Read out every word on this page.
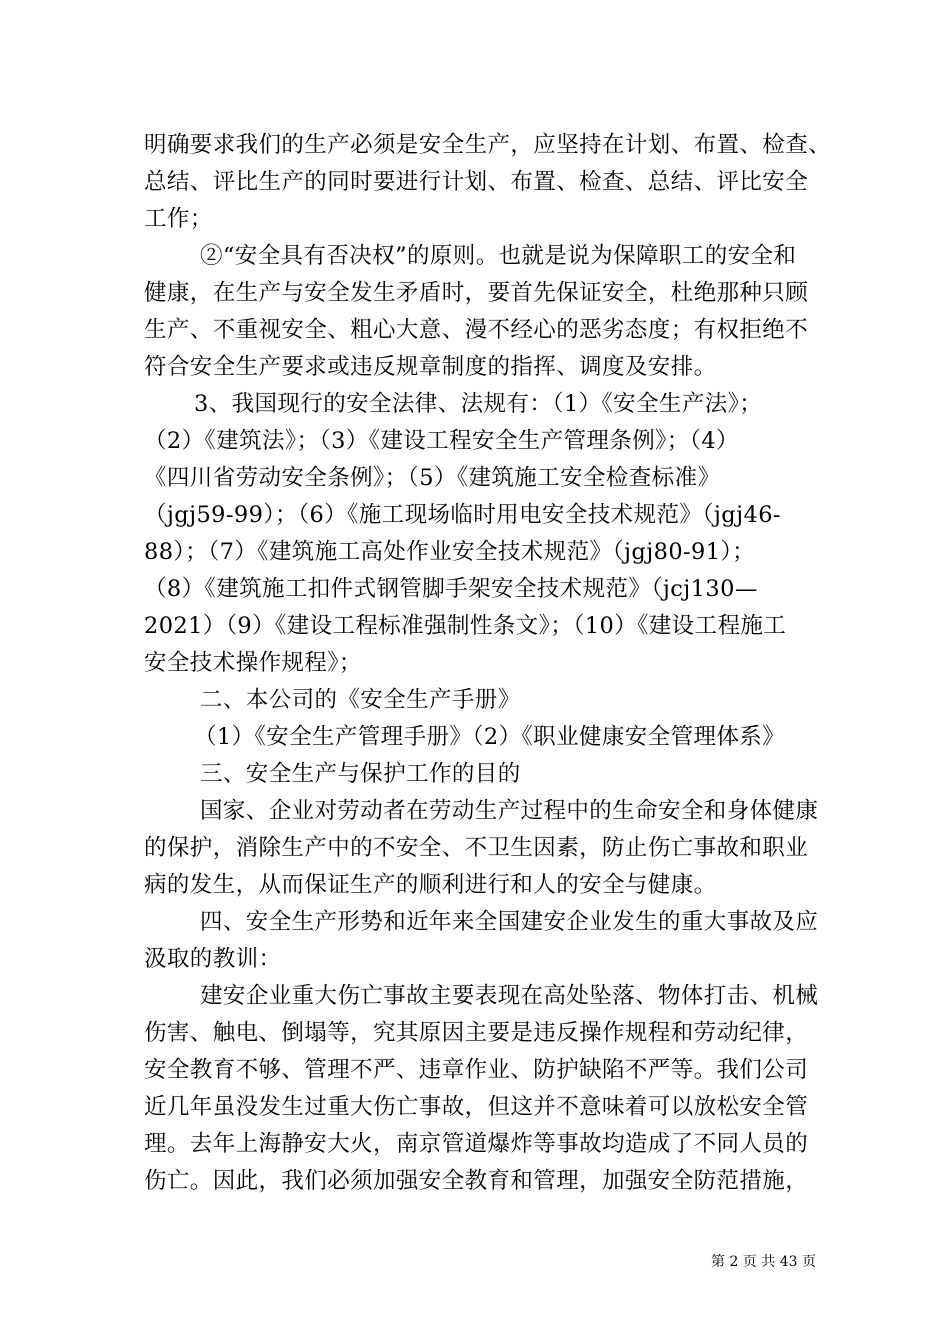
明确要求我们的生产必须是安全生产，应坚持在计划、布置、检查、
总结、评比生产的同时要进行计划、布置、检查、总结、评比安全
工作；
②“安全具有否决权”的原则。也就是说为保障职工的安全和
健康，在生产与安全发生矛盾时，要首先保证安全，杜绝那种只顾
生产、不重视安全、粗心大意、漫不经心的恶劣态度；有权拒绝不
符合安全生产要求或违反规章制度的指挥、调度及安排。
3、我国现行的安全法律、法规有：（1）《安全生产法》；
（2）《建筑法》；（3）《建设工程安全生产管理条例》；（4）
《四川省劳动安全条例》；（5）《建筑施工安全检查标准》
（jgj59-99）；（6）《施工现场临时用电安全技术规范》（jgj46-
88）；（7）《建筑施工高处作业安全技术规范》（jgj80-91）；
（8）《建筑施工扣件式钢管脚手架安全技术规范》（jcj130—
2021）（9）《建设工程标准强制性条文》；（10）《建设工程施工
安全技术操作规程》；
二、本公司的《安全生产手册》
（1）《安全生产管理手册》（2）《职业健康安全管理体系》
三、安全生产与保护工作的目的
国家、企业对劳动者在劳动生产过程中的生命安全和身体健康
的保护，消除生产中的不安全、不卫生因素，防止伤亡事故和职业
病的发生，从而保证生产的顺利进行和人的安全与健康。
四、安全生产形势和近年来全国建安企业发生的重大事故及应
汲取的教训：
建安企业重大伤亡事故主要表现在高处坠落、物体打击、机械
伤害、触电、倒塌等，究其原因主要是违反操作规程和劳动纪律，
安全教育不够、管理不严、违章作业、防护缺陷不严等。我们公司
近几年虽没发生过重大伤亡事故，但这并不意味着可以放松安全管
理。去年上海静安大火，南京管道爆炸等事故均造成了不同人员的
伤亡。因此，我们必须加强安全教育和管理，加强安全防范措施，
第 2 页 共 43 页
